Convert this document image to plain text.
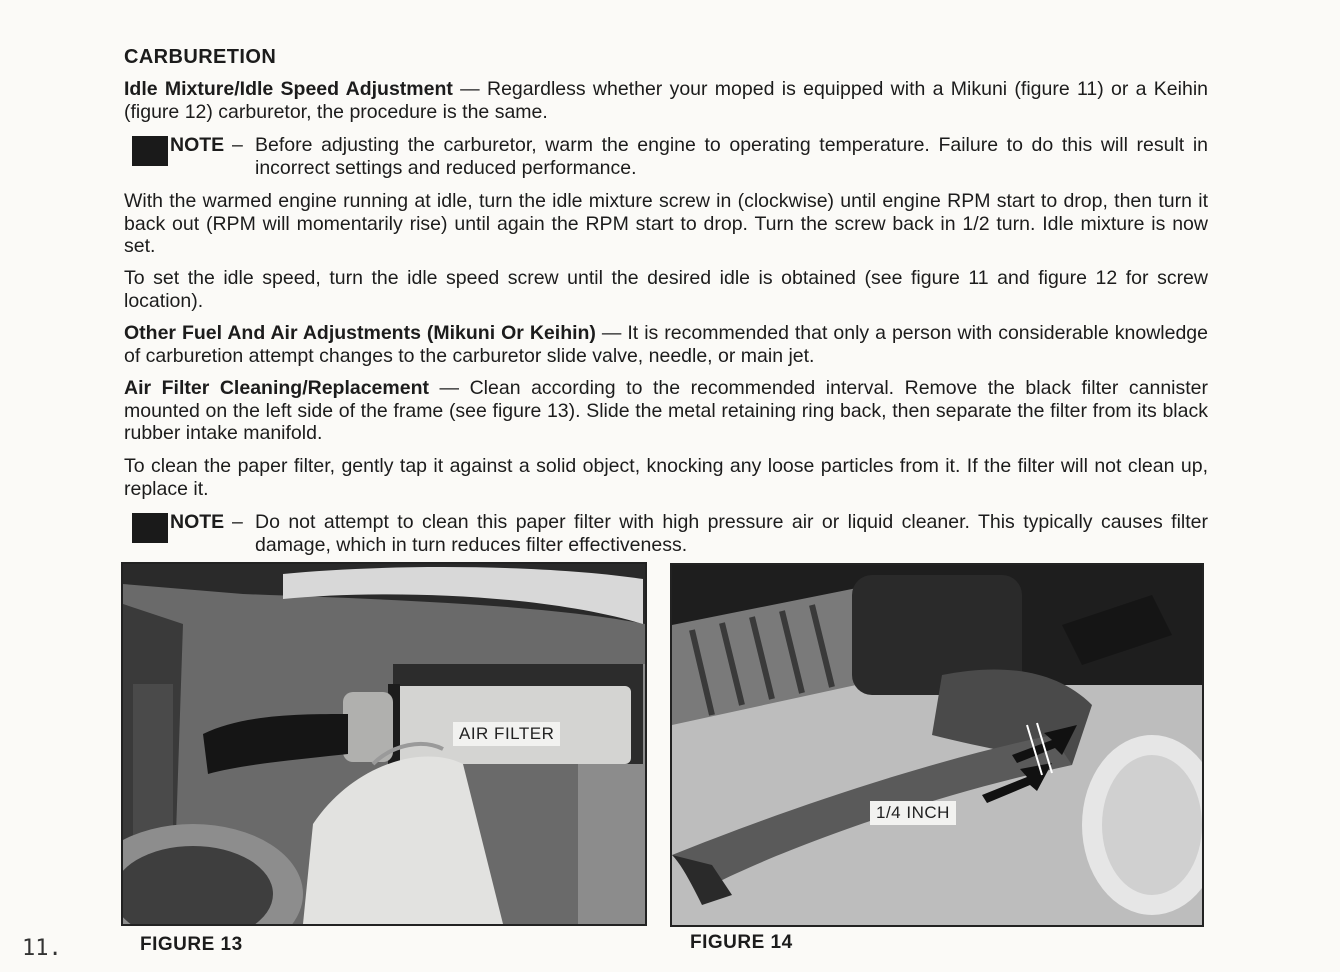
CARBURETION

Idle Mixture/Idle Speed Adjustment — Regardless whether your moped is equipped with a Mikuni (figure 11) or a Keihin (figure 12) carburetor, the procedure is the same.

NOTE – Before adjusting the carburetor, warm the engine to operating temperature. Failure to do this will result in incorrect settings and reduced performance.

With the warmed engine running at idle, turn the idle mixture screw in (clockwise) until engine RPM start to drop, then turn it back out (RPM will momentarily rise) until again the RPM start to drop. Turn the screw back in 1/2 turn. Idle mixture is now set.

To set the idle speed, turn the idle speed screw until the desired idle is obtained (see figure 11 and figure 12 for screw location).

Other Fuel And Air Adjustments (Mikuni Or Keihin) — It is recommended that only a person with considerable knowledge of carburetion attempt changes to the carburetor slide valve, needle, or main jet.

Air Filter Cleaning/Replacement — Clean according to the recommended interval. Remove the black filter cannister mounted on the left side of the frame (see figure 13). Slide the metal retaining ring back, then separate the filter from its black rubber intake manifold.

To clean the paper filter, gently tap it against a solid object, knocking any loose particles from it. If the filter will not clean up, replace it.

NOTE – Do not attempt to clean this paper filter with high pressure air or liquid cleaner. This typically causes filter damage, which in turn reduces filter effectiveness.
AIR FILTER
1/4 INCH
FIGURE 13	FIGURE 14
11.
